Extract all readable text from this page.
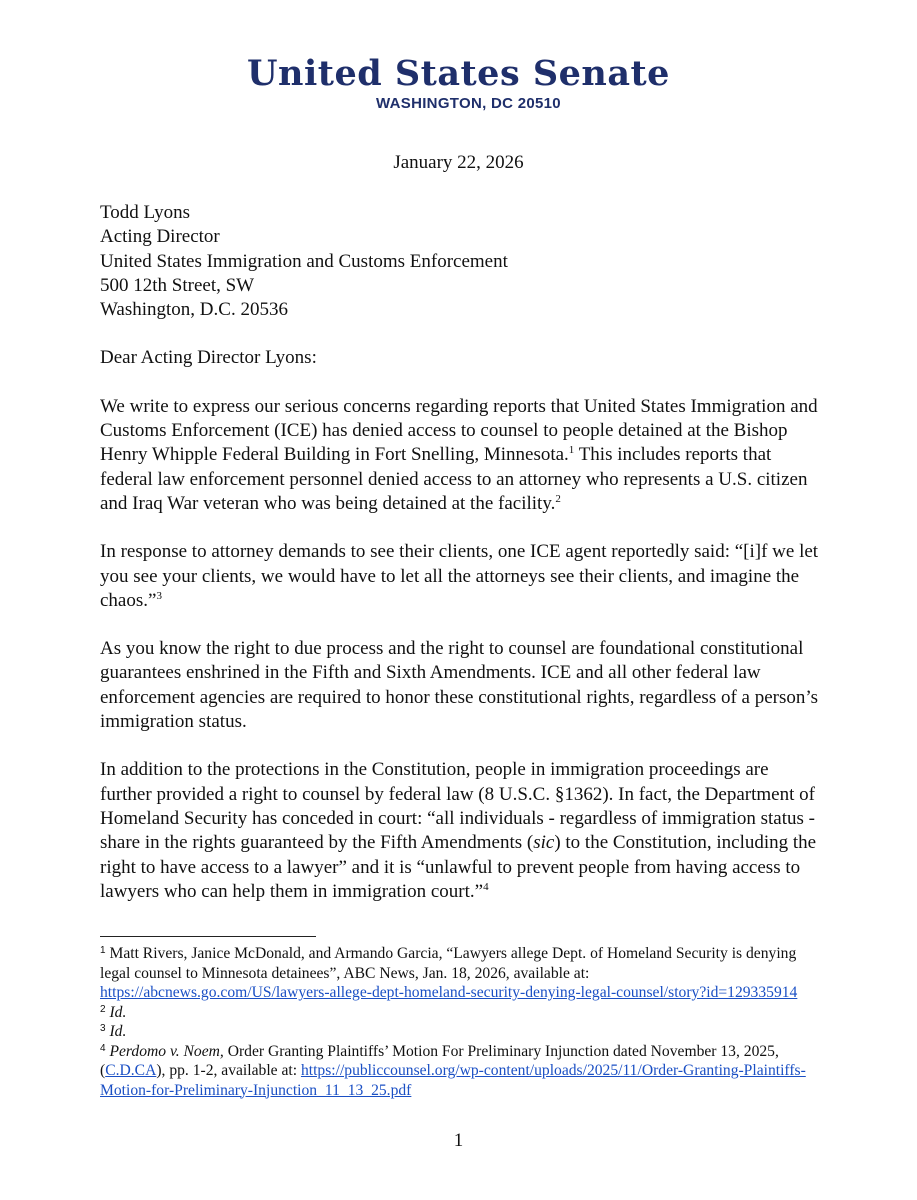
United States Senate
WASHINGTON, DC 20510
January 22, 2026
Todd Lyons
Acting Director
United States Immigration and Customs Enforcement
500 12th Street, SW
Washington, D.C. 20536

Dear Acting Director Lyons:

We write to express our serious concerns regarding reports that United States Immigration and Customs Enforcement (ICE) has denied access to counsel to people detained at the Bishop Henry Whipple Federal Building in Fort Snelling, Minnesota.$^1$ This includes reports that federal law enforcement personnel denied access to an attorney who represents a U.S. citizen and Iraq War veteran who was being detained at the facility.$^2$

In response to attorney demands to see their clients, one ICE agent reportedly said: “[i]f we let you see your clients, we would have to let all the attorneys see their clients, and imagine the chaos.”$^3$

As you know the right to due process and the right to counsel are foundational constitutional guarantees enshrined in the Fifth and Sixth Amendments. ICE and all other federal law enforcement agencies are required to honor these constitutional rights, regardless of a person’s immigration status.

In addition to the protections in the Constitution, people in immigration proceedings are further provided a right to counsel by federal law (8 U.S.C. §1362). In fact, the Department of Homeland Security has conceded in court: “all individuals - regardless of immigration status - share in the rights guaranteed by the Fifth Amendments (sic) to the Constitution, including the right to have access to a lawyer” and it is “unlawful to prevent people from having access to lawyers who can help them in immigration court.”$^4$

$^1$ Matt Rivers, Janice McDonald, and Armando Garcia, “Lawyers allege Dept. of Homeland Security is denying legal counsel to Minnesota detainees”, ABC News, Jan. 18, 2026, available at: https://abcnews.go.com/US/lawyers-allege-dept-homeland-security-denying-legal-counsel/story?id=129335914

$^2$ Id.

$^3$ Id.

$^4$ Perdomo v. Noem, Order Granting Plaintiffs’ Motion For Preliminary Injunction dated November 13, 2025, (C.D.CA), pp. 1-2, available at: https://publiccounsel.org/wp-content/uploads/2025/11/Order-Granting-Plaintiffs-Motion-for-Preliminary-Injunction_11_13_25.pdf

1
